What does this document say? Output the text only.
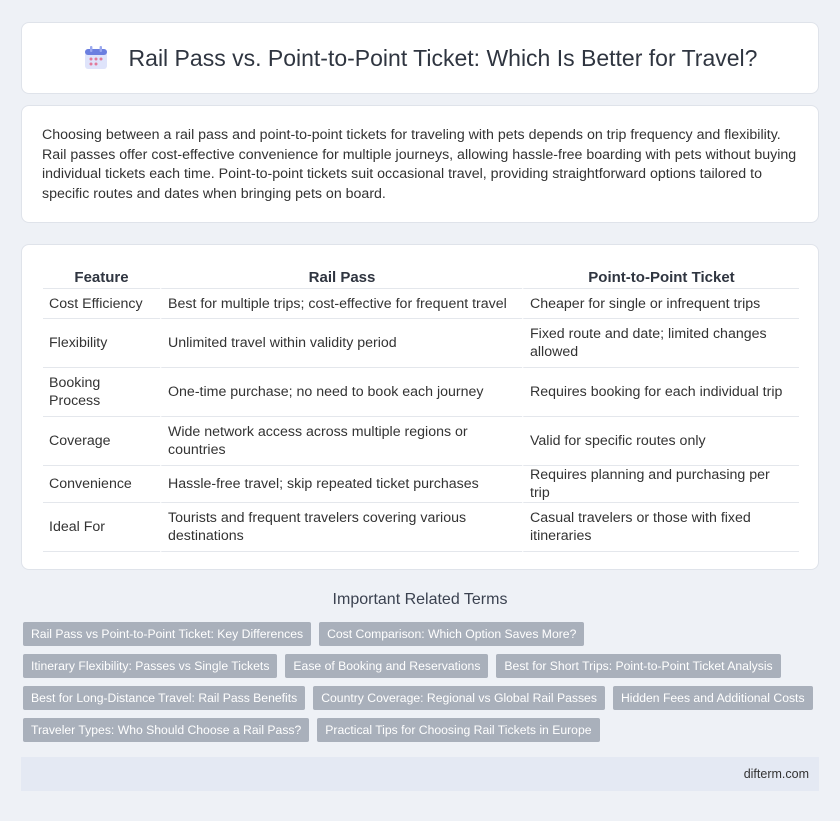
Rail Pass vs. Point-to-Point Ticket: Which Is Better for Travel?

Choosing between a rail pass and point-to-point tickets for traveling with pets depends on trip frequency and flexibility. Rail passes offer cost-effective convenience for multiple journeys, allowing hassle-free boarding with pets without buying individual tickets each time. Point-to-point tickets suit occasional travel, providing straightforward options tailored to specific routes and dates when bringing pets on board.

Feature	Rail Pass	Point-to-Point Ticket
Cost Efficiency	Best for multiple trips; cost-effective for frequent travel	Cheaper for single or infrequent trips
Flexibility	Unlimited travel within validity period	Fixed route and date; limited changes allowed
Booking Process	One-time purchase; no need to book each journey	Requires booking for each individual trip
Coverage	Wide network access across multiple regions or countries	Valid for specific routes only
Convenience	Hassle-free travel; skip repeated ticket purchases	Requires planning and purchasing per trip
Ideal For	Tourists and frequent travelers covering various destinations	Casual travelers or those with fixed itineraries
Important Related Terms
Rail Pass vs Point-to-Point Ticket: Key Differences	Cost Comparison: Which Option Saves More?
Itinerary Flexibility: Passes vs Single Tickets	Ease of Booking and Reservations	Best for Short Trips: Point-to-Point Ticket Analysis
Best for Long-Distance Travel: Rail Pass Benefits	Country Coverage: Regional vs Global Rail Passes	Hidden Fees and Additional Costs
Traveler Types: Who Should Choose a Rail Pass?	Practical Tips for Choosing Rail Tickets in Europe
difterm.com
